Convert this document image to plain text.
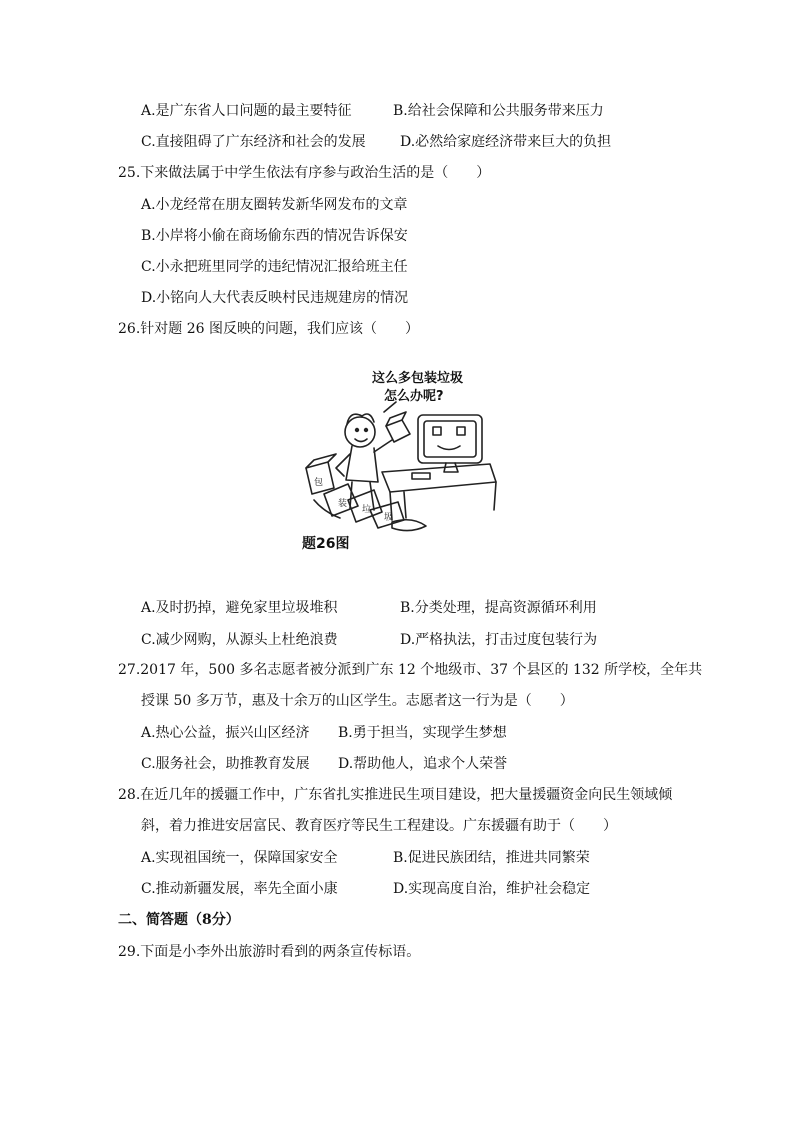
A.是广东省人口问题的最主要特征	B.给社会保障和公共服务带来压力
C.直接阻碍了广东经济和社会的发展 D.必然给家庭经济带来巨大的负担
25.下来做法属于中学生依法有序参与政治生活的是（　　）
A.小龙经常在朋友圈转发新华网发布的文章
B.小岸将小偷在商场偷东西的情况告诉保安
C.小永把班里同学的违纪情况汇报给班主任
D.小铭向人大代表反映村民违规建房的情况
26.针对题 26 图反映的问题，我们应该（　　）
包
装
垃
圾
这么多包装垃圾
怎么办呢?
题26图
A.及时扔掉，避免家里垃圾堆积	B.分类处理，提高资源循环利用
C.减少网购，从源头上杜绝浪费	D.严格执法，打击过度包装行为
27.2017 年，500 多名志愿者被分派到广东 12 个地级市、37 个县区的 132 所学校，全年共
授课 50 多万节，惠及十余万的山区学生。志愿者这一行为是（　　）
A.热心公益，振兴山区经济 B.勇于担当，实现学生梦想
C.服务社会，助推教育发展 D.帮助他人，追求个人荣誉
28.在近几年的援疆工作中，广东省扎实推进民生项目建设，把大量援疆资金向民生领域倾
斜，着力推进安居富民、教育医疗等民生工程建设。广东援疆有助于（　　）
A.实现祖国统一，保障国家安全	B.促进民族团结，推进共同繁荣
C.推动新疆发展，率先全面小康	D.实现高度自治，维护社会稳定
二、简答题（8分）
29.下面是小李外出旅游时看到的两条宣传标语。
